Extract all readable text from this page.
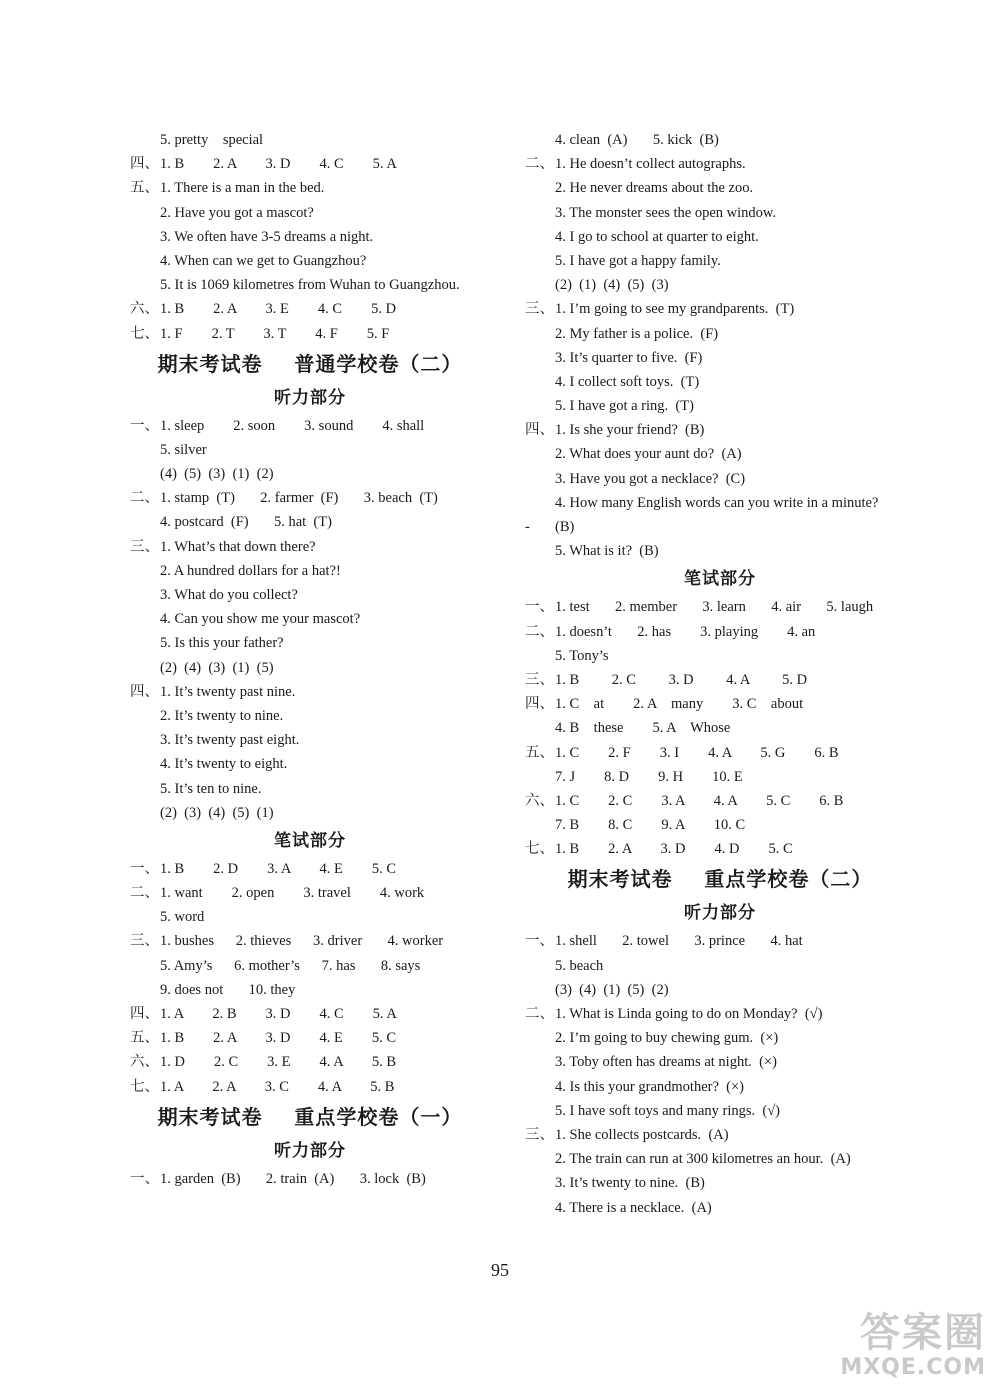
5. pretty    special
四、1. B        2. A        3. D        4. C        5. A
五、1. There is a man in the bed.
2. Have you got a mascot?
3. We often have 3-5 dreams a night.
4. When can we get to Guangzhou?
5. It is 1069 kilometres from Wuhan to Guangzhou.
六、1. B        2. A        3. E        4. C        5. D
七、1. F        2. T        3. T        4. F        5. F
期末考试卷    普通学校卷（二）
听力部分
一、1. sleep        2. soon        3. sound        4. shall
5. silver
(4)  (5)  (3)  (1)  (2)
二、1. stamp  (T)       2. farmer  (F)       3. beach  (T)
4. postcard  (F)       5. hat  (T)
三、1. What’s that down there?
2. A hundred dollars for a hat?!
3. What do you collect?
4. Can you show me your mascot?
5. Is this your father?
(2)  (4)  (3)  (1)  (5)
四、1. It’s twenty past nine.
2. It’s twenty to nine.
3. It’s twenty past eight.
4. It’s twenty to eight.
5. It’s ten to nine.
(2)  (3)  (4)  (5)  (1)
笔试部分
一、1. B        2. D        3. A        4. E        5. C
二、1. want        2. open        3. travel        4. work
5. word
三、1. bushes      2. thieves      3. driver       4. worker
5. Amy’s      6. mother’s      7. has       8. says
9. does not       10. they
四、1. A        2. B        3. D        4. C        5. A
五、1. B        2. A        3. D        4. E        5. C
六、1. D        2. C        3. E        4. A        5. B
七、1. A        2. A        3. C        4. A        5. B
期末考试卷    重点学校卷（一）
听力部分
一、1. garden  (B)       2. train  (A)       3. lock  (B)
4. clean  (A)       5. kick  (B)
二、1. He doesn’t collect autographs.
2. He never dreams about the zoo.
3. The monster sees the open window.
4. I go to school at quarter to eight.
5. I have got a happy family.
(2)  (1)  (4)  (5)  (3)
三、1. I’m going to see my grandparents.  (T)
2. My father is a police.  (F)
3. It’s quarter to five.  (F)
4. I collect soft toys.  (T)
5. I have got a ring.  (T)
四、1. Is she your friend?  (B)
2. What does your aunt do?  (A)
3. Have you got a necklace?  (C)
4. How many English words can you write in a minute?
- (B)
5. What is it?  (B)
笔试部分
一、1. test       2. member       3. learn       4. air       5. laugh
二、1. doesn’t       2. has        3. playing        4. an
5. Tony’s
三、1. B         2. C         3. D         4. A         5. D
四、1. C    at        2. A    many        3. C    about
4. B    these        5. A    Whose
五、1. C        2. F        3. I        4. A        5. G        6. B
7. J        8. D        9. H        10. E
六、1. C        2. C        3. A        4. A        5. C        6. B
7. B        8. C        9. A        10. C
七、1. B        2. A        3. D        4. D        5. C
期末考试卷    重点学校卷（二）
听力部分
一、1. shell       2. towel       3. prince       4. hat
5. beach
(3)  (4)  (1)  (5)  (2)
二、1. What is Linda going to do on Monday?  (√)
2. I’m going to buy chewing gum.  (×)
3. Toby often has dreams at night.  (×)
4. Is this your grandmother?  (×)
5. I have soft toys and many rings.  (√)
三、1. She collects postcards.  (A)
2. The train can run at 300 kilometres an hour.  (A)
3. It’s twenty to nine.  (B)
4. There is a necklace.  (A)
95
答案圈
MXQE.COM
